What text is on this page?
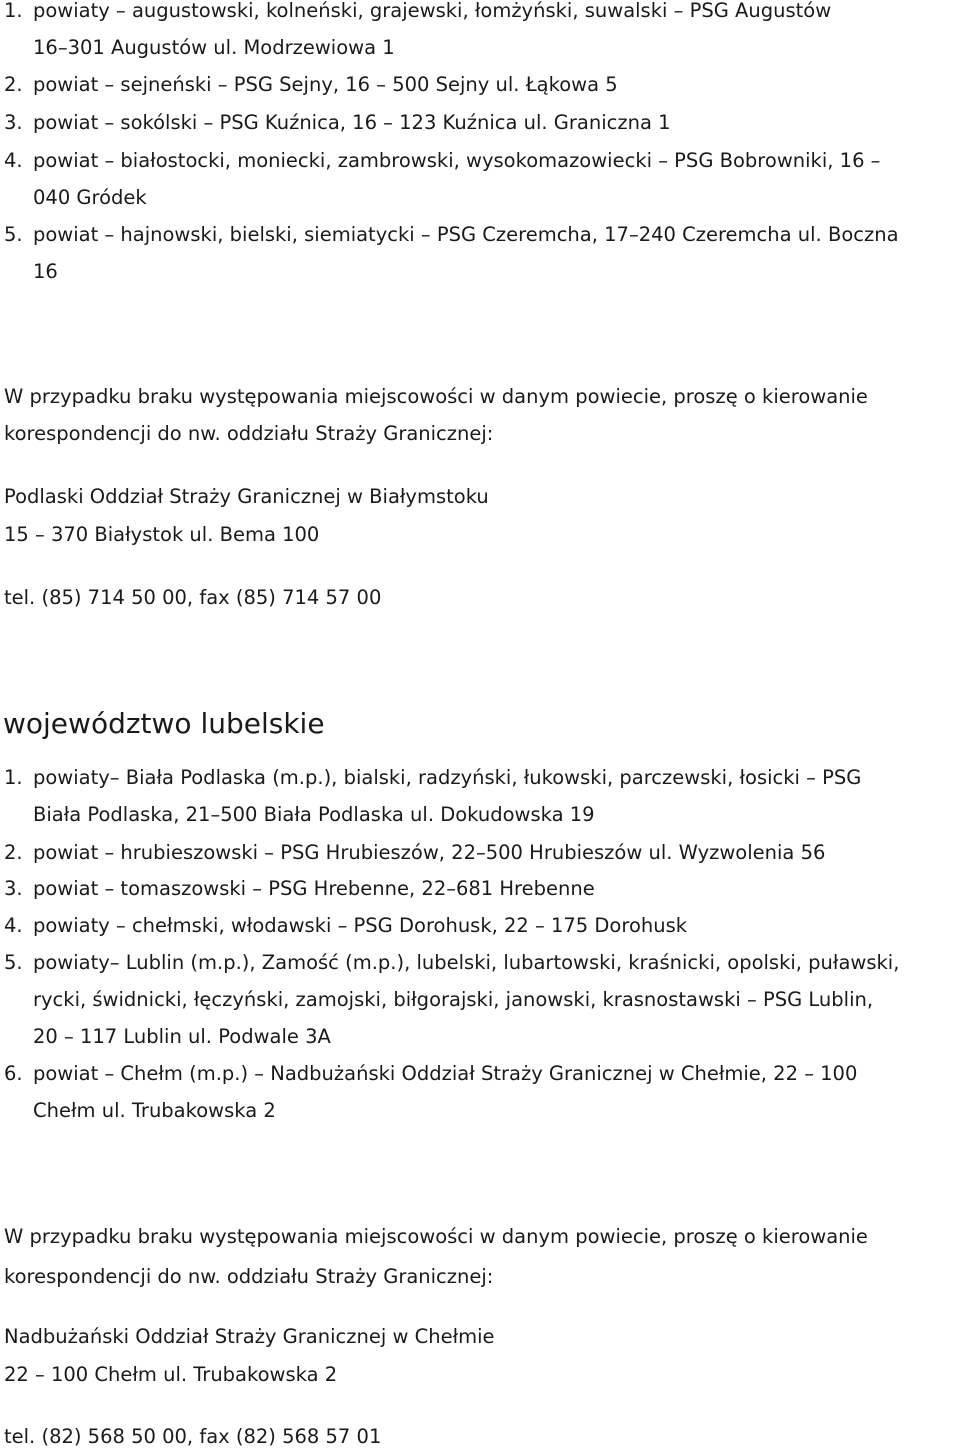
1. powiaty – augustowski, kolneński, grajewski, łomżyński, suwalski – PSG Augustów
16–301 Augustów ul. Modrzewiowa 1
2. powiat – sejneński – PSG Sejny, 16 – 500 Sejny ul. Łąkowa 5
3. powiat – sokólski – PSG Kuźnica, 16 – 123 Kuźnica ul. Graniczna 1
4. powiat – białostocki, moniecki, zambrowski, wysokomazowiecki – PSG Bobrowniki, 16 –
040 Gródek
5. powiat – hajnowski, bielski, siemiatycki – PSG Czeremcha, 17–240 Czeremcha ul. Boczna
16
W przypadku braku występowania miejscowości w danym powiecie, proszę o kierowanie
korespondencji do nw. oddziału Straży Granicznej:
Podlaski Oddział Straży Granicznej w Białymstoku
15 – 370 Białystok ul. Bema 100
tel. (85) 714 50 00, fax (85) 714 57 00
województwo lubelskie
1. powiaty– Biała Podlaska (m.p.), bialski, radzyński, łukowski, parczewski, łosicki – PSG
Biała Podlaska, 21–500 Biała Podlaska ul. Dokudowska 19
2. powiat – hrubieszowski – PSG Hrubieszów, 22–500 Hrubieszów ul. Wyzwolenia 56
3. powiat – tomaszowski – PSG Hrebenne, 22–681 Hrebenne
4. powiaty – chełmski, włodawski – PSG Dorohusk, 22 – 175 Dorohusk
5. powiaty– Lublin (m.p.), Zamość (m.p.), lubelski, lubartowski, kraśnicki, opolski, puławski,
rycki, świdnicki, łęczyński, zamojski, biłgorajski, janowski, krasnostawski – PSG Lublin,
20 – 117 Lublin ul. Podwale 3A
6. powiat – Chełm (m.p.) – Nadbużański Oddział Straży Granicznej w Chełmie, 22 – 100
Chełm ul. Trubakowska 2
W przypadku braku występowania miejscowości w danym powiecie, proszę o kierowanie
korespondencji do nw. oddziału Straży Granicznej:
Nadbużański Oddział Straży Granicznej w Chełmie
22 – 100 Chełm ul. Trubakowska 2
tel. (82) 568 50 00, fax (82) 568 57 01
